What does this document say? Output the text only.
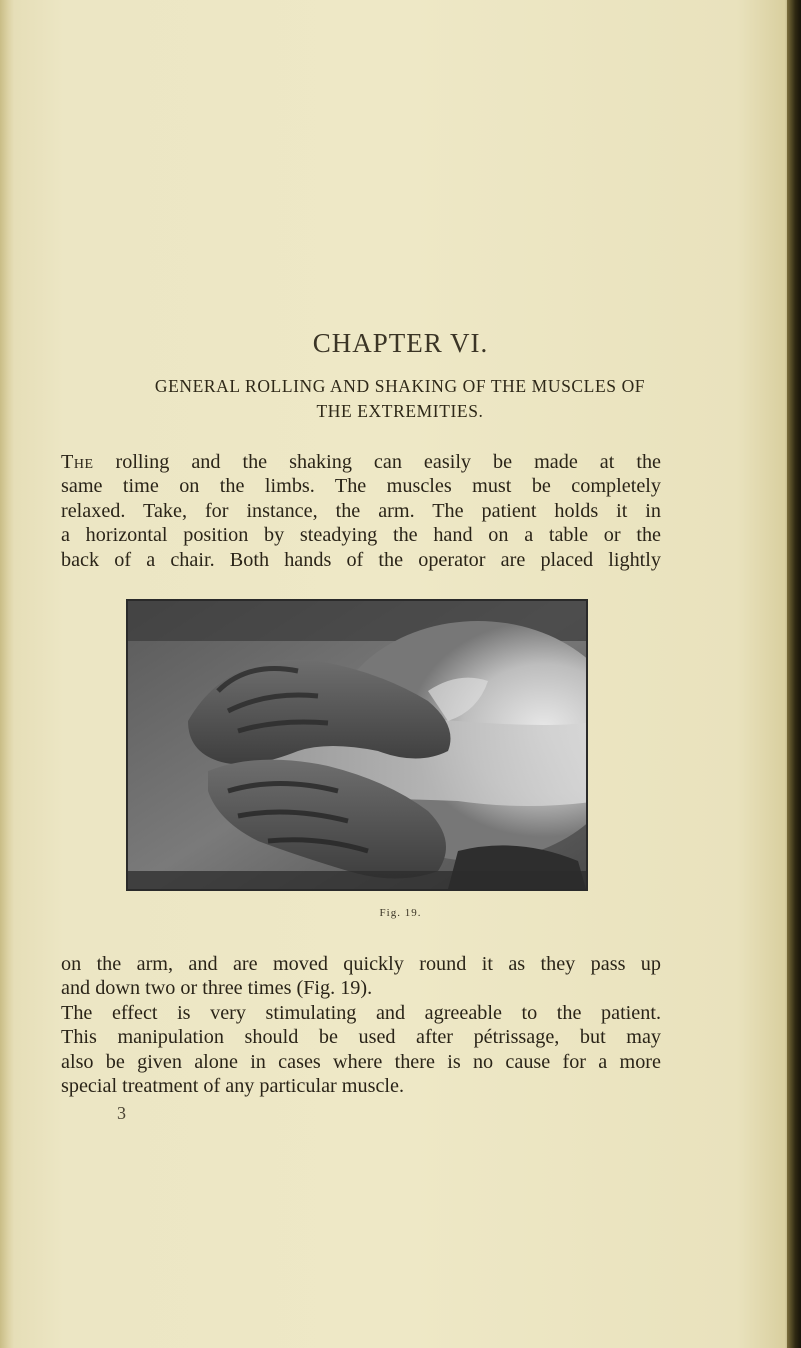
CHAPTER VI.
GENERAL ROLLING AND SHAKING OF THE MUSCLES OF
THE EXTREMITIES.
The rolling and the shaking can easily be made at the
same time on the limbs. The muscles must be completely
relaxed. Take, for instance, the arm. The patient holds it in
a horizontal position by steadying the hand on a table or the
back of a chair. Both hands of the operator are placed lightly
Fig. 19.
on the arm, and are moved quickly round it as they pass up
and down two or three times (Fig. 19).
The effect is very stimulating and agreeable to the patient.
This manipulation should be used after pétrissage, but may
also be given alone in cases where there is no cause for a more
special treatment of any particular muscle.
3
